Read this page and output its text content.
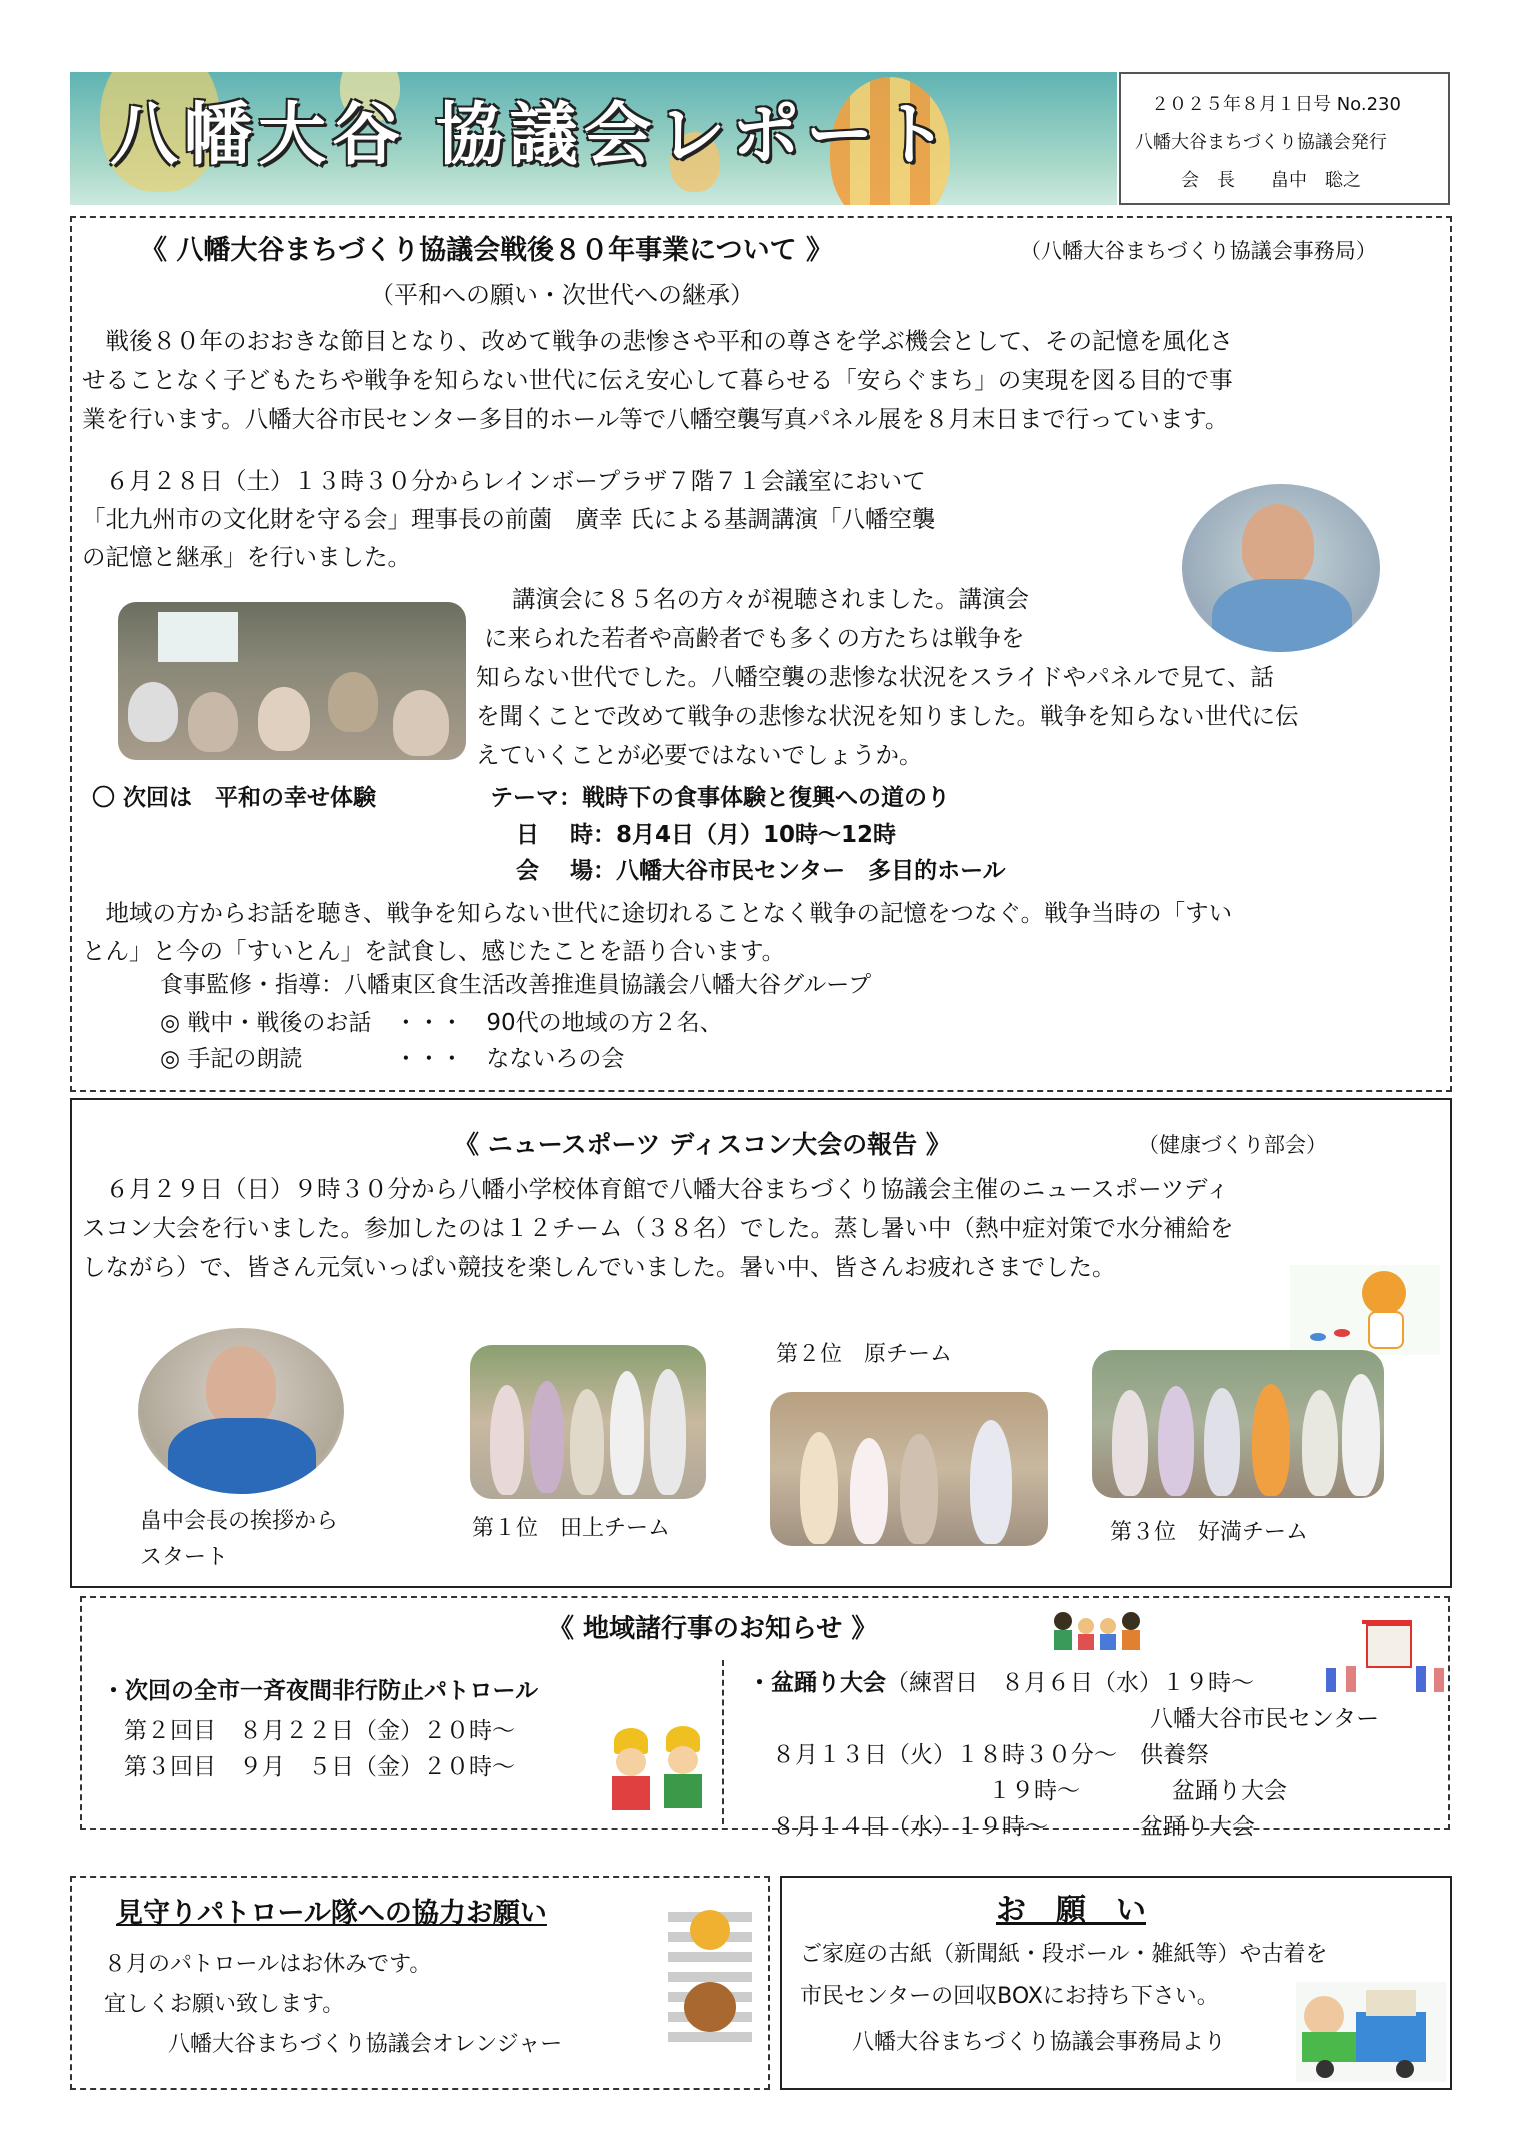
八幡大谷 協議会レポート	２０２５年８月１日号 No.230
八幡大谷まちづくり協議会発行
会　長　　畠中　聡之
《 八幡大谷まちづくり協議会戦後８０年事業について 》	（八幡大谷まちづくり協議会事務局）
（平和への願い・次世代への継承）
　戦後８０年のおおきな節目となり、改めて戦争の悲惨さや平和の尊さを学ぶ機会として、その記憶を風化さ
せることなく子どもたちや戦争を知らない世代に伝え安心して暮らせる「安らぐまち」の実現を図る目的で事
業を行います。八幡大谷市民センター多目的ホール等で八幡空襲写真パネル展を８月末日まで行っています。
　６月２８日（土）１３時３０分からレインボープラザ７階７１会議室において
「北九州市の文化財を守る会」理事長の前薗　廣幸 氏による基調講演「八幡空襲
の記憶と継承」を行いました。
講演会に８５名の方々が視聴されました。講演会
に来られた若者や高齢者でも多くの方たちは戦争を
知らない世代でした。八幡空襲の悲惨な状況をスライドやパネルで見て、話
を聞くことで改めて戦争の悲惨な状況を知りました。戦争を知らない世代に伝
えていくことが必要ではないでしょうか。
〇 次回は　平和の幸せ体験	テーマ：戦時下の食事体験と復興への道のり
日　 時：8月4日（月）10時～12時
会　 場：八幡大谷市民センター　多目的ホール
　地域の方からお話を聴き、戦争を知らない世代に途切れることなく戦争の記憶をつなぐ。戦争当時の「すい
とん」と今の「すいとん」を試食し、感じたことを語り合います。
食事監修・指導：八幡東区食生活改善推進員協議会八幡大谷グループ
◎ 戦中・戦後のお話　・・・　90代の地域の方２名、
◎ 手記の朗読　　　　・・・　なないろの会
《 ニュースポーツ ディスコン大会の報告 》	（健康づくり部会）
　６月２９日（日）９時３０分から八幡小学校体育館で八幡大谷まちづくり協議会主催のニュースポーツディ
スコン大会を行いました。参加したのは１２チーム（３８名）でした。蒸し暑い中（熱中症対策で水分補給を
しながら）で、皆さん元気いっぱい競技を楽しんでいました。暑い中、皆さんお疲れさまでした。
畠中会長の挨拶から
スタート
第１位　田上チーム
第２位　原チーム
第３位　好満チーム
《 地域諸行事のお知らせ 》
・次回の全市一斉夜間非行防止パトロール
第２回目　８月２２日（金）２０時～
第３回目　９月　５日（金）２０時～
・盆踊り大会（練習日　８月６日（水）１９時～
八幡大谷市民センター
８月１３日（火）１８時３０分～　供養祭
１９時～　　　　盆踊り大会
８月１４日（水）１９時～　　　　盆踊り大会
見守りパトロール隊への協力お願い
８月のパトロールはお休みです。
宜しくお願い致します。
八幡大谷まちづくり協議会オレンジャー
お　願　い
ご家庭の古紙（新聞紙・段ボール・雑紙等）や古着を
市民センターの回収BOXにお持ち下さい。
八幡大谷まちづくり協議会事務局より
